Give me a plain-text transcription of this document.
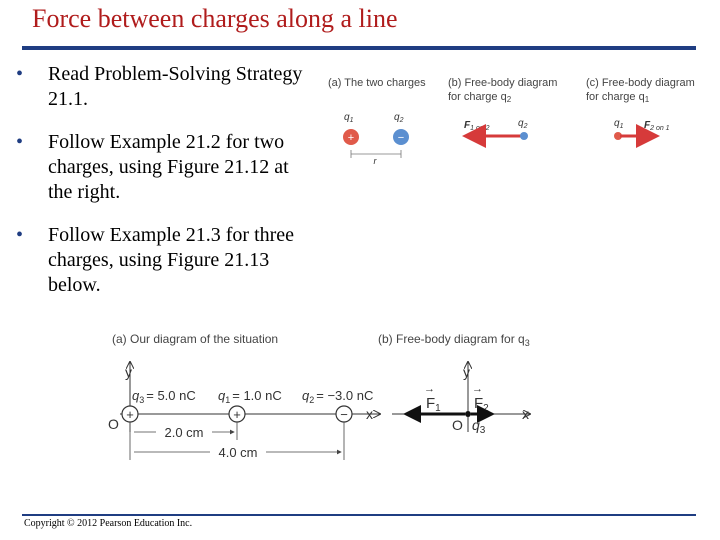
Force between charges along a line
•	Read Problem-Solving Strategy 21.1.
•	Follow Example 21.2 for two charges, using Figure 21.12 at the right.
•	Follow Example 21.3 for three charges, using Figure 21.13 below.
(a) The two charges
$q_1$	$q_2$
+	−
r
(b) Free-body diagram
for charge q2
$F_{1 on 2}$	$q_2$
(c) Free-body diagram
for charge q1
$q_1$ $F_{2 on 1}$
(a) Our diagram of the situation
y
x
O
$q_3 = 5.0$ nC $q_1 = 1.0$ nC $q_2 = -3.0$ nC
+	+	−
2.0 cm
4.0 cm
(b) Free-body diagram for $q_3$
y
x
$F_1$
→
$F_2$
→
O $q_3$
Copyright © 2012 Pearson Education Inc.
